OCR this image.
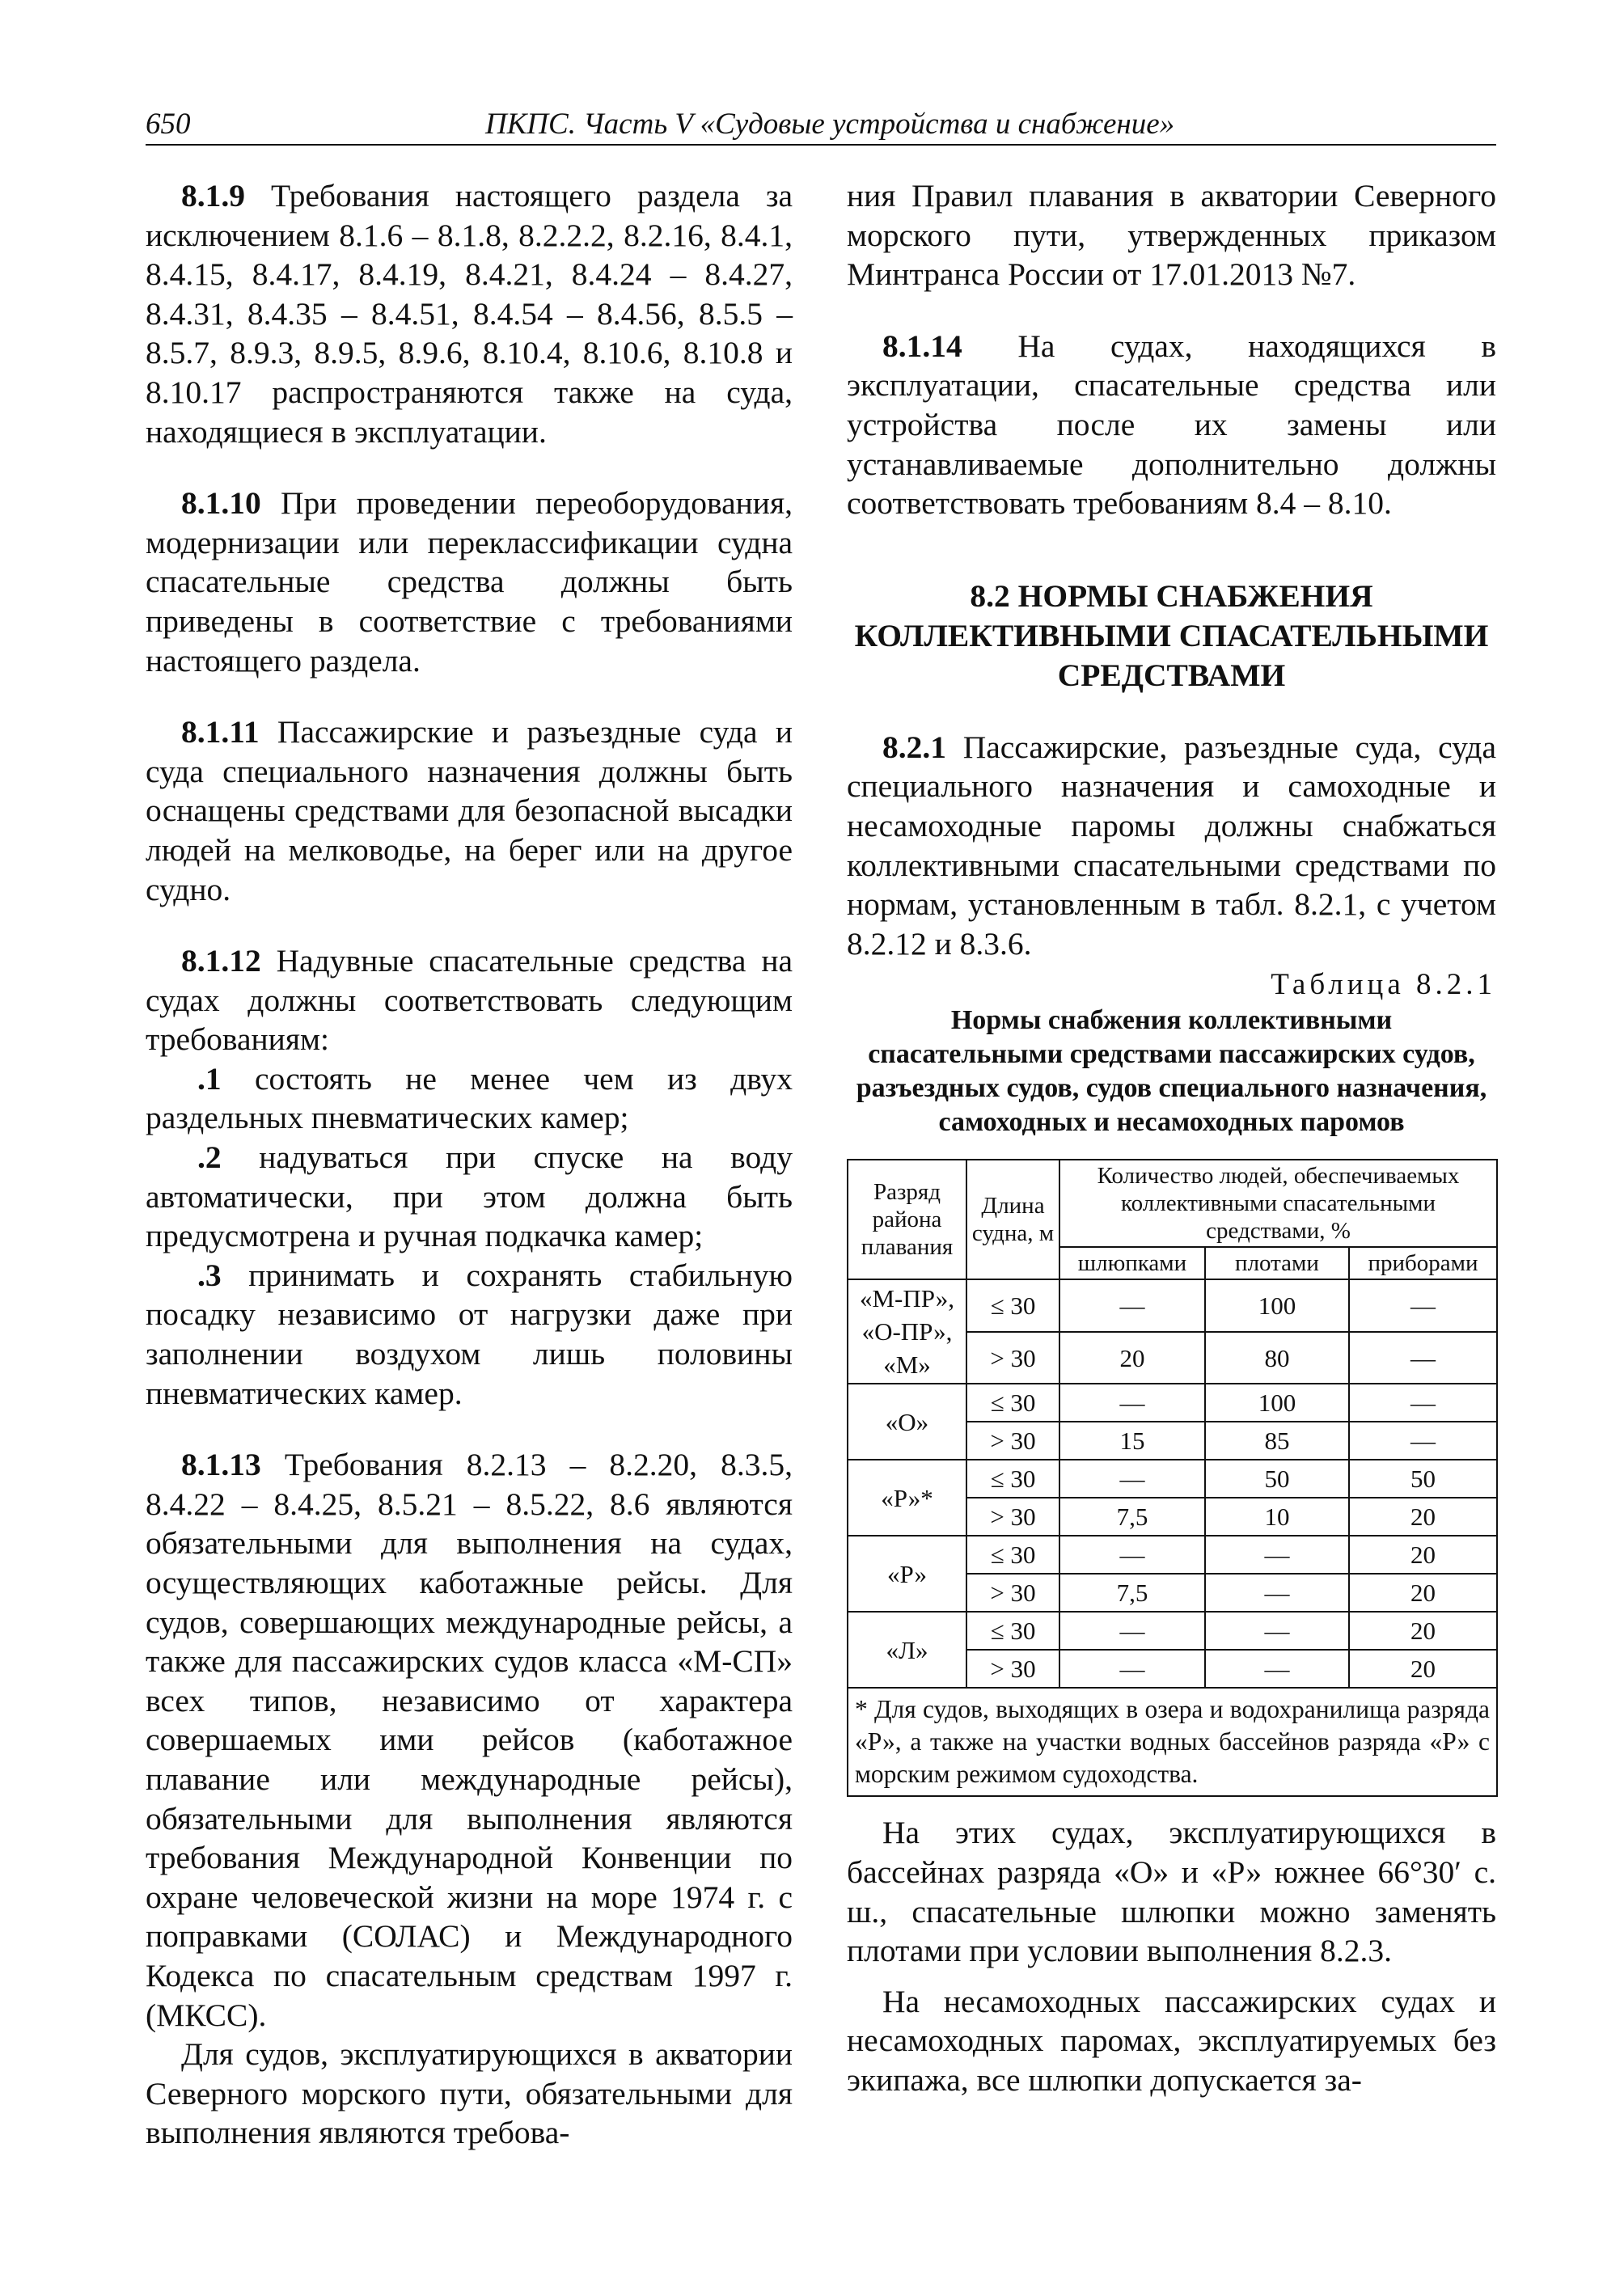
650	ПКПС. Часть V «Судовые устройства и снабжение»

8.1.9 Требования настоящего раздела за исключением 8.1.6 – 8.1.8, 8.2.2.2, 8.2.16, 8.4.1, 8.4.15, 8.4.17, 8.4.19, 8.4.21, 8.4.24 – 8.4.27, 8.4.31, 8.4.35 – 8.4.51, 8.4.54 – 8.4.56, 8.5.5 – 8.5.7, 8.9.3, 8.9.5, 8.9.6, 8.10.4, 8.10.6, 8.10.8 и 8.10.17 распространяются также на суда, находящиеся в эксплуатации.

8.1.10 При проведении переоборудования, модернизации или переклассификации судна спасательные средства должны быть приведены в соответствие с требованиями настоящего раздела.

8.1.11 Пассажирские и разъездные суда и суда специального назначения должны быть оснащены средствами для безопасной высадки людей на мелководье, на берег или на другое судно.

8.1.12 Надувные спасательные средства на судах должны соответствовать следующим требованиям:

.1 состоять не менее чем из двух раздельных пневматических камер;

.2 надуваться при спуске на воду автоматически, при этом должна быть предусмотрена и ручная подкачка камер;

.3 принимать и сохранять стабильную посадку независимо от нагрузки даже при заполнении воздухом лишь половины пневматических камер.

8.1.13 Требования 8.2.13 – 8.2.20, 8.3.5, 8.4.22 – 8.4.25, 8.5.21 – 8.5.22, 8.6 являются обязательными для выполнения на судах, осуществляющих каботажные рейсы. Для судов, совершающих международные рейсы, а также для пассажирских судов класса «М-СП» всех типов, независимо от характера совершаемых ими рейсов (каботажное плавание или международные рейсы), обязательными для выполнения являются требования Международной Конвенции по охране человеческой жизни на море 1974 г. с поправками (СОЛАС) и Международного Кодекса по спасательным средствам 1997 г. (МКСС).

Для судов, эксплуатирующихся в акватории Северного морского пути, обязательными для выполнения являются требова-

ния Правил плавания в акватории Северного морского пути, утвержденных приказом Минтранса России от 17.01.2013 №7.

8.1.14 На судах, находящихся в эксплуатации, спасательные средства или устройства после их замены или устанавливаемые дополнительно должны соответствовать требованиям 8.4 – 8.10.

8.2 НОРМЫ СНАБЖЕНИЯ
КОЛЛЕКТИВНЫМИ СПАСАТЕЛЬНЫМИ
СРЕДСТВАМИ

8.2.1 Пассажирские, разъездные суда, суда специального назначения и самоходные и несамоходные паромы должны снабжаться коллективными спасательными средствами по нормам, установленным в табл. 8.2.1, с учетом 8.2.12 и 8.3.6.

Таблица 8.2.1
Нормы снабжения коллективными
спасательными средствами пассажирских судов,
разъездных судов, судов специального назначения,
самоходных и несамоходных паромов
Разряд района плавания	Длина судна, м	Количество людей, обеспечиваемых коллективными спасательными средствами, %		
		шлюпками	плотами	приборами
«М-ПР», «О-ПР», «М»	≤ 30	—	100	—
	> 30	20	80	—
«О»	≤ 30	—	100	—
	> 30	15	85	—
«Р»*	≤ 30	—	50	50
	> 30	7,5	10	20
«Р»	≤ 30	—	—	20
	> 30	7,5	—	20
«Л»	≤ 30	—	—	20
	> 30	—	—	20
* Для судов, выходящих в озера и водохранилища разряда «Р», а также на участки водных бассейнов разряда «Р» с морским режимом судоходства.				

На этих судах, эксплуатирующихся в бассейнах разряда «О» и «Р» южнее 66°30′ с. ш., спасательные шлюпки можно заменять плотами при условии выполнения 8.2.3.

На несамоходных пассажирских судах и несамоходных паромах, эксплуатируемых без экипажа, все шлюпки допускается за-
